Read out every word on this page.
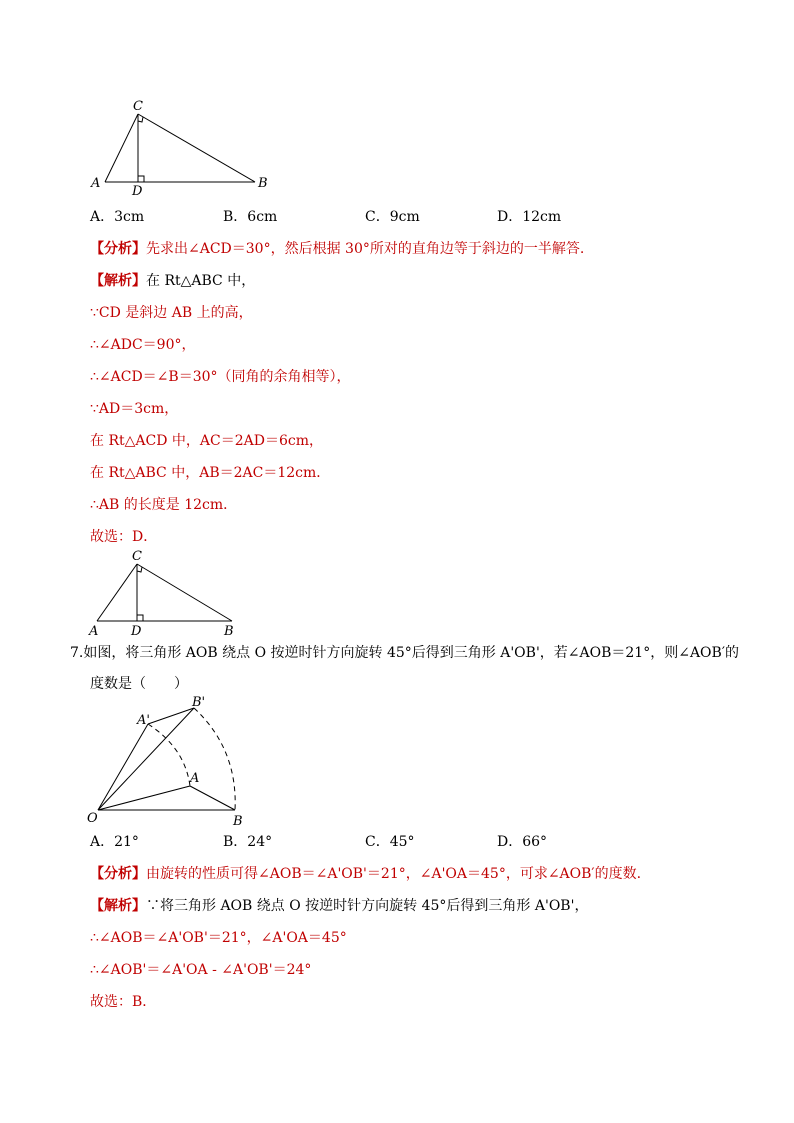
C
A
D
B
A．3cm	B．6cm	C．9cm	D．12cm
【分析】先求出∠ACD＝30°，然后根据 30°所对的直角边等于斜边的一半解答.
【解析】在 Rt△ABC 中，
∵CD 是斜边 AB 上的高，
∴∠ADC＝90°，
∴∠ACD＝∠B＝30°（同角的余角相等），
∵AD＝3cm，
在 Rt△ACD 中，AC＝2AD＝6cm，
在 Rt△ABC 中，AB＝2AC＝12cm．
∴AB 的长度是 12cm．
故选：D．
C
A	D	B
7.如图，将三角形 AOB 绕点 O 按逆时针方向旋转 45°后得到三角形 A'OB'，若∠AOB＝21°，则∠AOB′的
度数是（　　）
A'
B'
A
O	B
A．21°	B．24°	C．45°	D．66°
【分析】由旋转的性质可得∠AOB＝∠A'OB'＝21°，∠A'OA＝45°，可求∠AOB′的度数.
【解析】∵将三角形 AOB 绕点 O 按逆时针方向旋转 45°后得到三角形 A'OB'，
∴∠AOB＝∠A'OB'＝21°，∠A'OA＝45°
∴∠AOB'＝∠A'OA - ∠A'OB'＝24°
故选：B．
